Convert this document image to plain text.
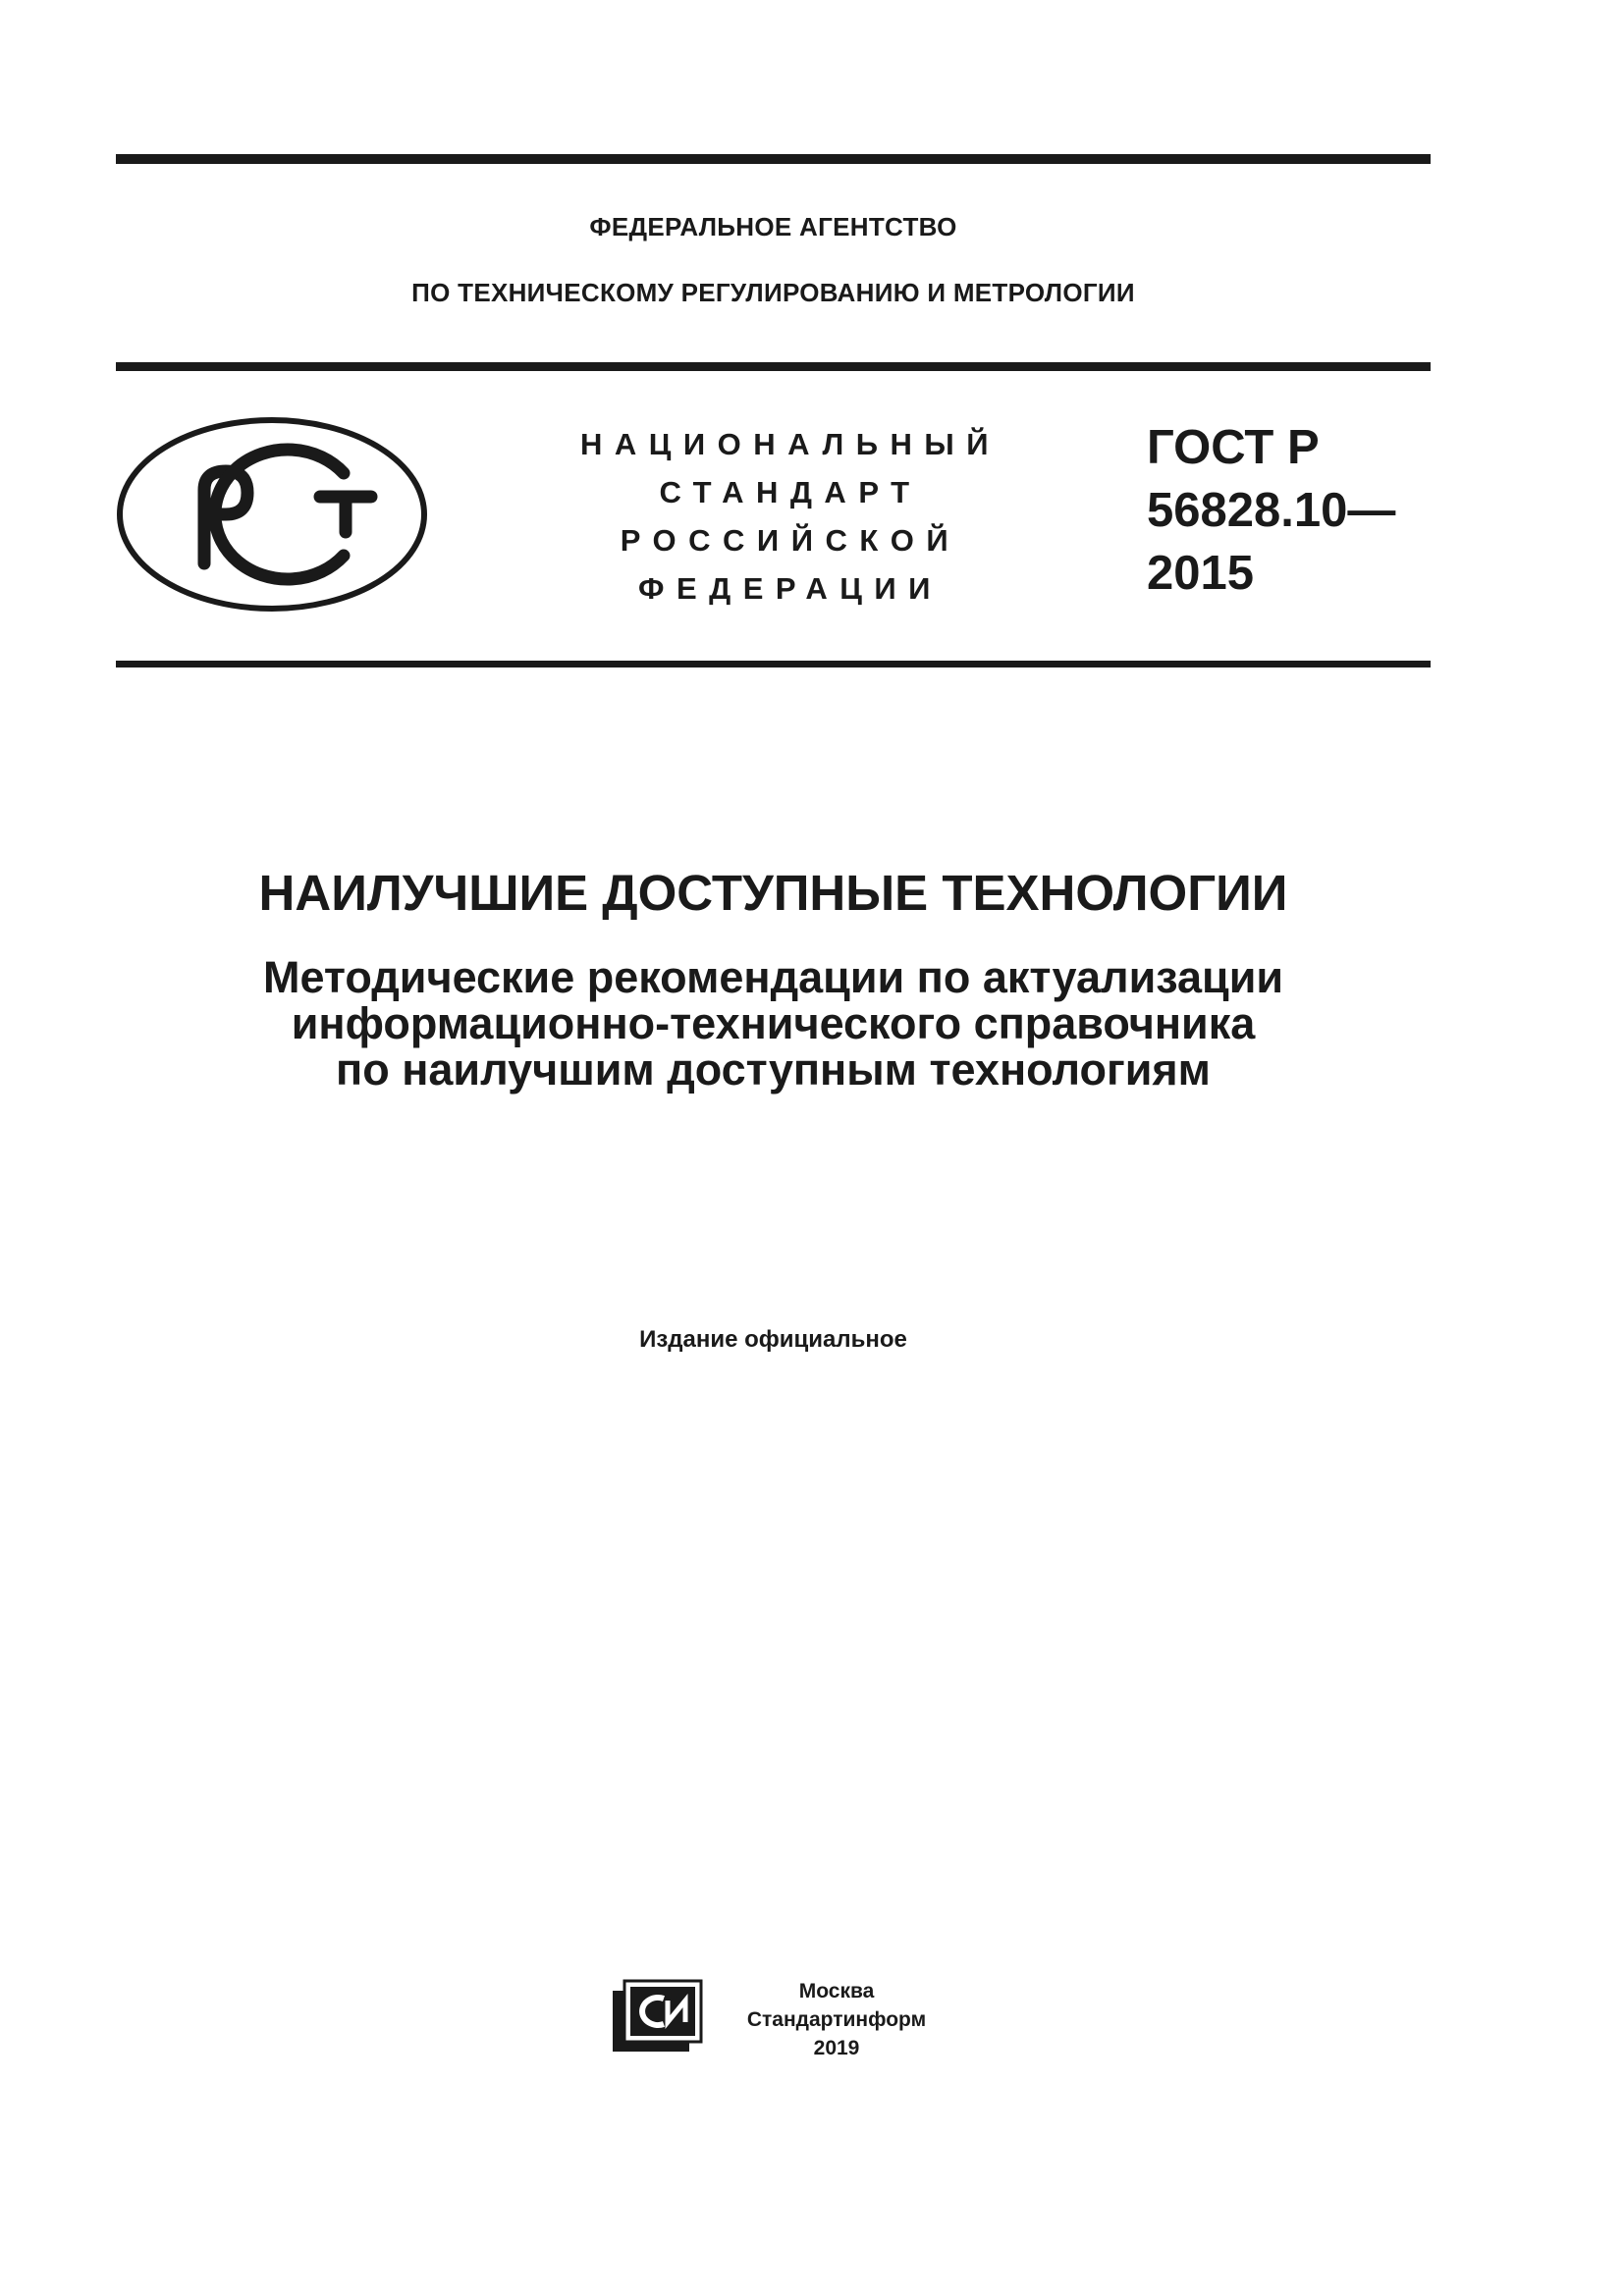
ФЕДЕРАЛЬНОЕ АГЕНТСТВО
ПО ТЕХНИЧЕСКОМУ РЕГУЛИРОВАНИЮ И МЕТРОЛОГИИ
НАЦИОНАЛЬНЫЙ
СТАНДАРТ
РОССИЙСКОЙ
ФЕДЕРАЦИИ
ГОСТ Р
56828.10—
2015
НАИЛУЧШИЕ ДОСТУПНЫЕ ТЕХНОЛОГИИ
Методические рекомендации по актуализации
информационно-технического справочника
по наилучшим доступным технологиям
Издание официальное
Москва
Стандартинформ
2019
